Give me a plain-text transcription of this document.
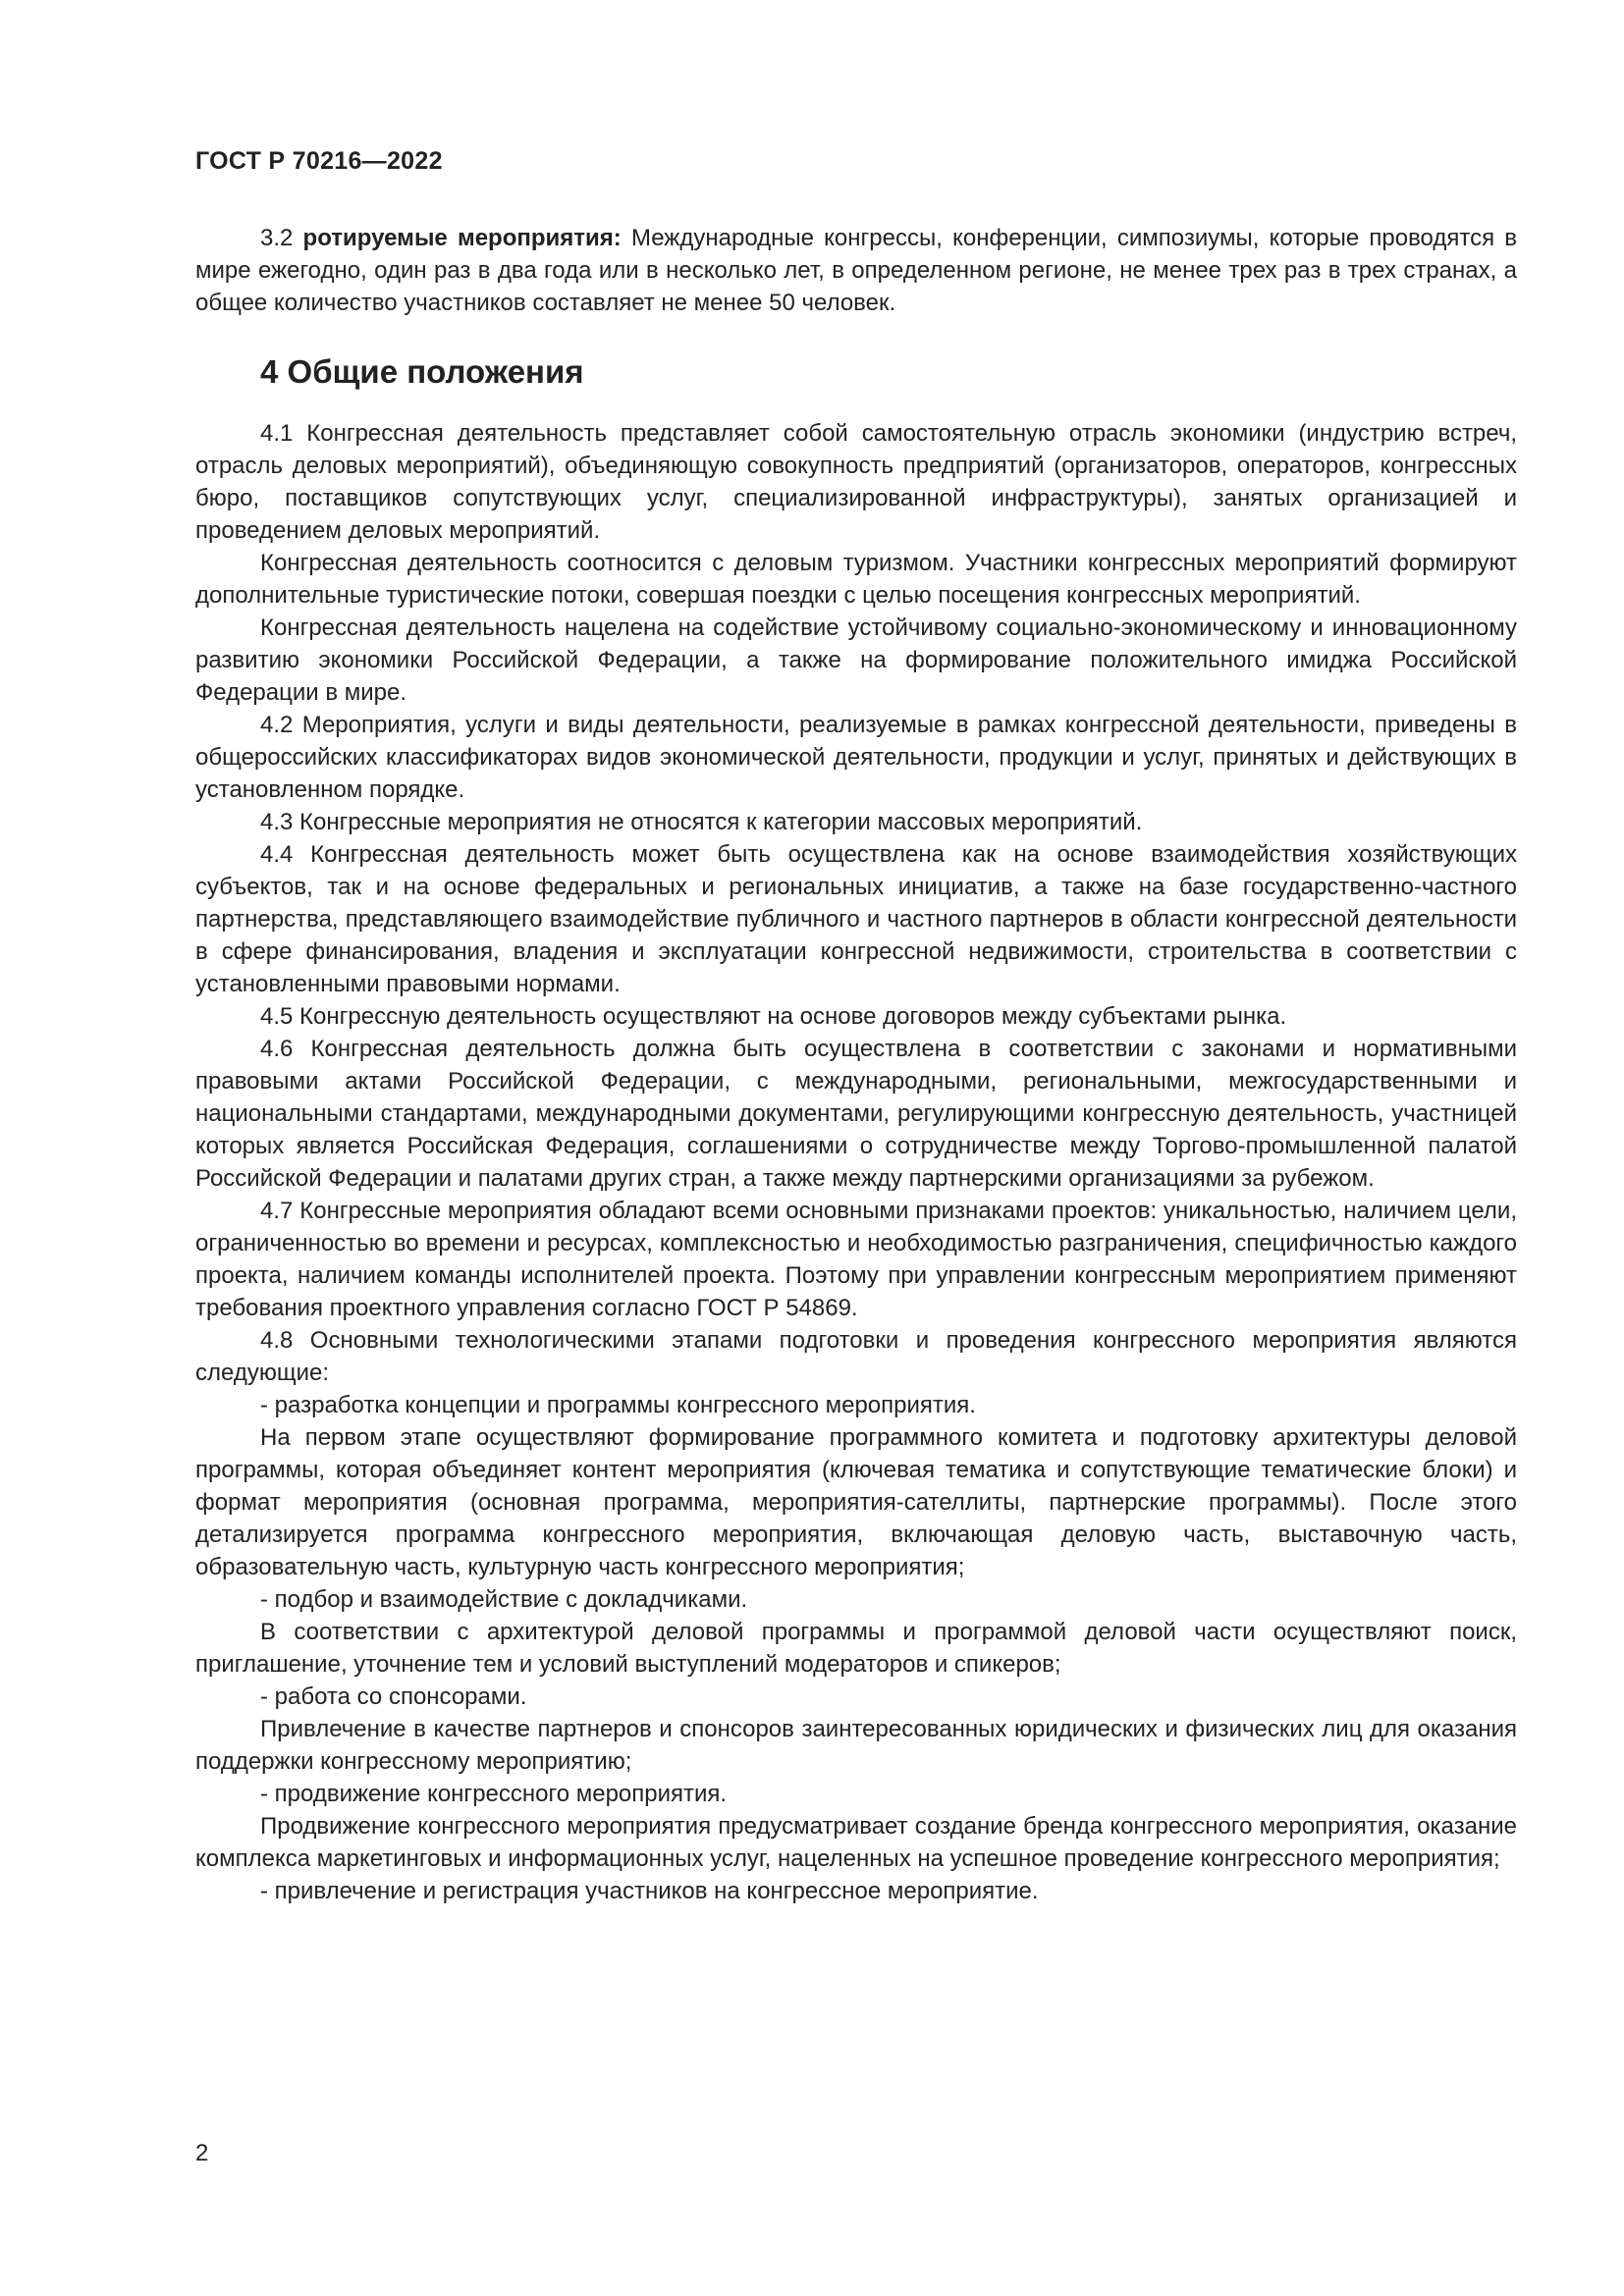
ГОСТ Р 70216—2022

3.2 ротируемые мероприятия: Международные конгрессы, конференции, симпозиумы, которые проводятся в мире ежегодно, один раз в два года или в несколько лет, в определенном регионе, не менее трех раз в трех странах, а общее количество участников составляет не менее 50 человек.

4 Общие положения

4.1 Конгрессная деятельность представляет собой самостоятельную отрасль экономики (индустрию встреч, отрасль деловых мероприятий), объединяющую совокупность предприятий (организаторов, операторов, конгрессных бюро, поставщиков сопутствующих услуг, специализированной инфраструктуры), занятых организацией и проведением деловых мероприятий.

Конгрессная деятельность соотносится с деловым туризмом. Участники конгрессных мероприятий формируют дополнительные туристические потоки, совершая поездки с целью посещения конгрессных мероприятий.

Конгрессная деятельность нацелена на содействие устойчивому социально-экономическому и инновационному развитию экономики Российской Федерации, а также на формирование положительного имиджа Российской Федерации в мире.

4.2 Мероприятия, услуги и виды деятельности, реализуемые в рамках конгрессной деятельности, приведены в общероссийских классификаторах видов экономической деятельности, продукции и услуг, принятых и действующих в установленном порядке.

4.3 Конгрессные мероприятия не относятся к категории массовых мероприятий.

4.4 Конгрессная деятельность может быть осуществлена как на основе взаимодействия хозяйствующих субъектов, так и на основе федеральных и региональных инициатив, а также на базе государственно-частного партнерства, представляющего взаимодействие публичного и частного партнеров в области конгрессной деятельности в сфере финансирования, владения и эксплуатации конгрессной недвижимости, строительства в соответствии с установленными правовыми нормами.

4.5 Конгрессную деятельность осуществляют на основе договоров между субъектами рынка.

4.6 Конгрессная деятельность должна быть осуществлена в соответствии с законами и нормативными правовыми актами Российской Федерации, с международными, региональными, межгосударственными и национальными стандартами, международными документами, регулирующими конгрессную деятельность, участницей которых является Российская Федерация, соглашениями о сотрудничестве между Торгово-промышленной палатой Российской Федерации и палатами других стран, а также между партнерскими организациями за рубежом.

4.7 Конгрессные мероприятия обладают всеми основными признаками проектов: уникальностью, наличием цели, ограниченностью во времени и ресурсах, комплексностью и необходимостью разграничения, специфичностью каждого проекта, наличием команды исполнителей проекта. Поэтому при управлении конгрессным мероприятием применяют требования проектного управления согласно ГОСТ Р 54869.

4.8 Основными технологическими этапами подготовки и проведения конгрессного мероприятия являются следующие:

- разработка концепции и программы конгрессного мероприятия.

На первом этапе осуществляют формирование программного комитета и подготовку архитектуры деловой программы, которая объединяет контент мероприятия (ключевая тематика и сопутствующие тематические блоки) и формат мероприятия (основная программа, мероприятия-сателлиты, партнерские программы). После этого детализируется программа конгрессного мероприятия, включающая деловую часть, выставочную часть, образовательную часть, культурную часть конгрессного мероприятия;

- подбор и взаимодействие с докладчиками.

В соответствии с архитектурой деловой программы и программой деловой части осуществляют поиск, приглашение, уточнение тем и условий выступлений модераторов и спикеров;

- работа со спонсорами.

Привлечение в качестве партнеров и спонсоров заинтересованных юридических и физических лиц для оказания поддержки конгрессному мероприятию;

- продвижение конгрессного мероприятия.

Продвижение конгрессного мероприятия предусматривает создание бренда конгрессного мероприятия, оказание комплекса маркетинговых и информационных услуг, нацеленных на успешное проведение конгрессного мероприятия;

- привлечение и регистрация участников на конгрессное мероприятие.

2
